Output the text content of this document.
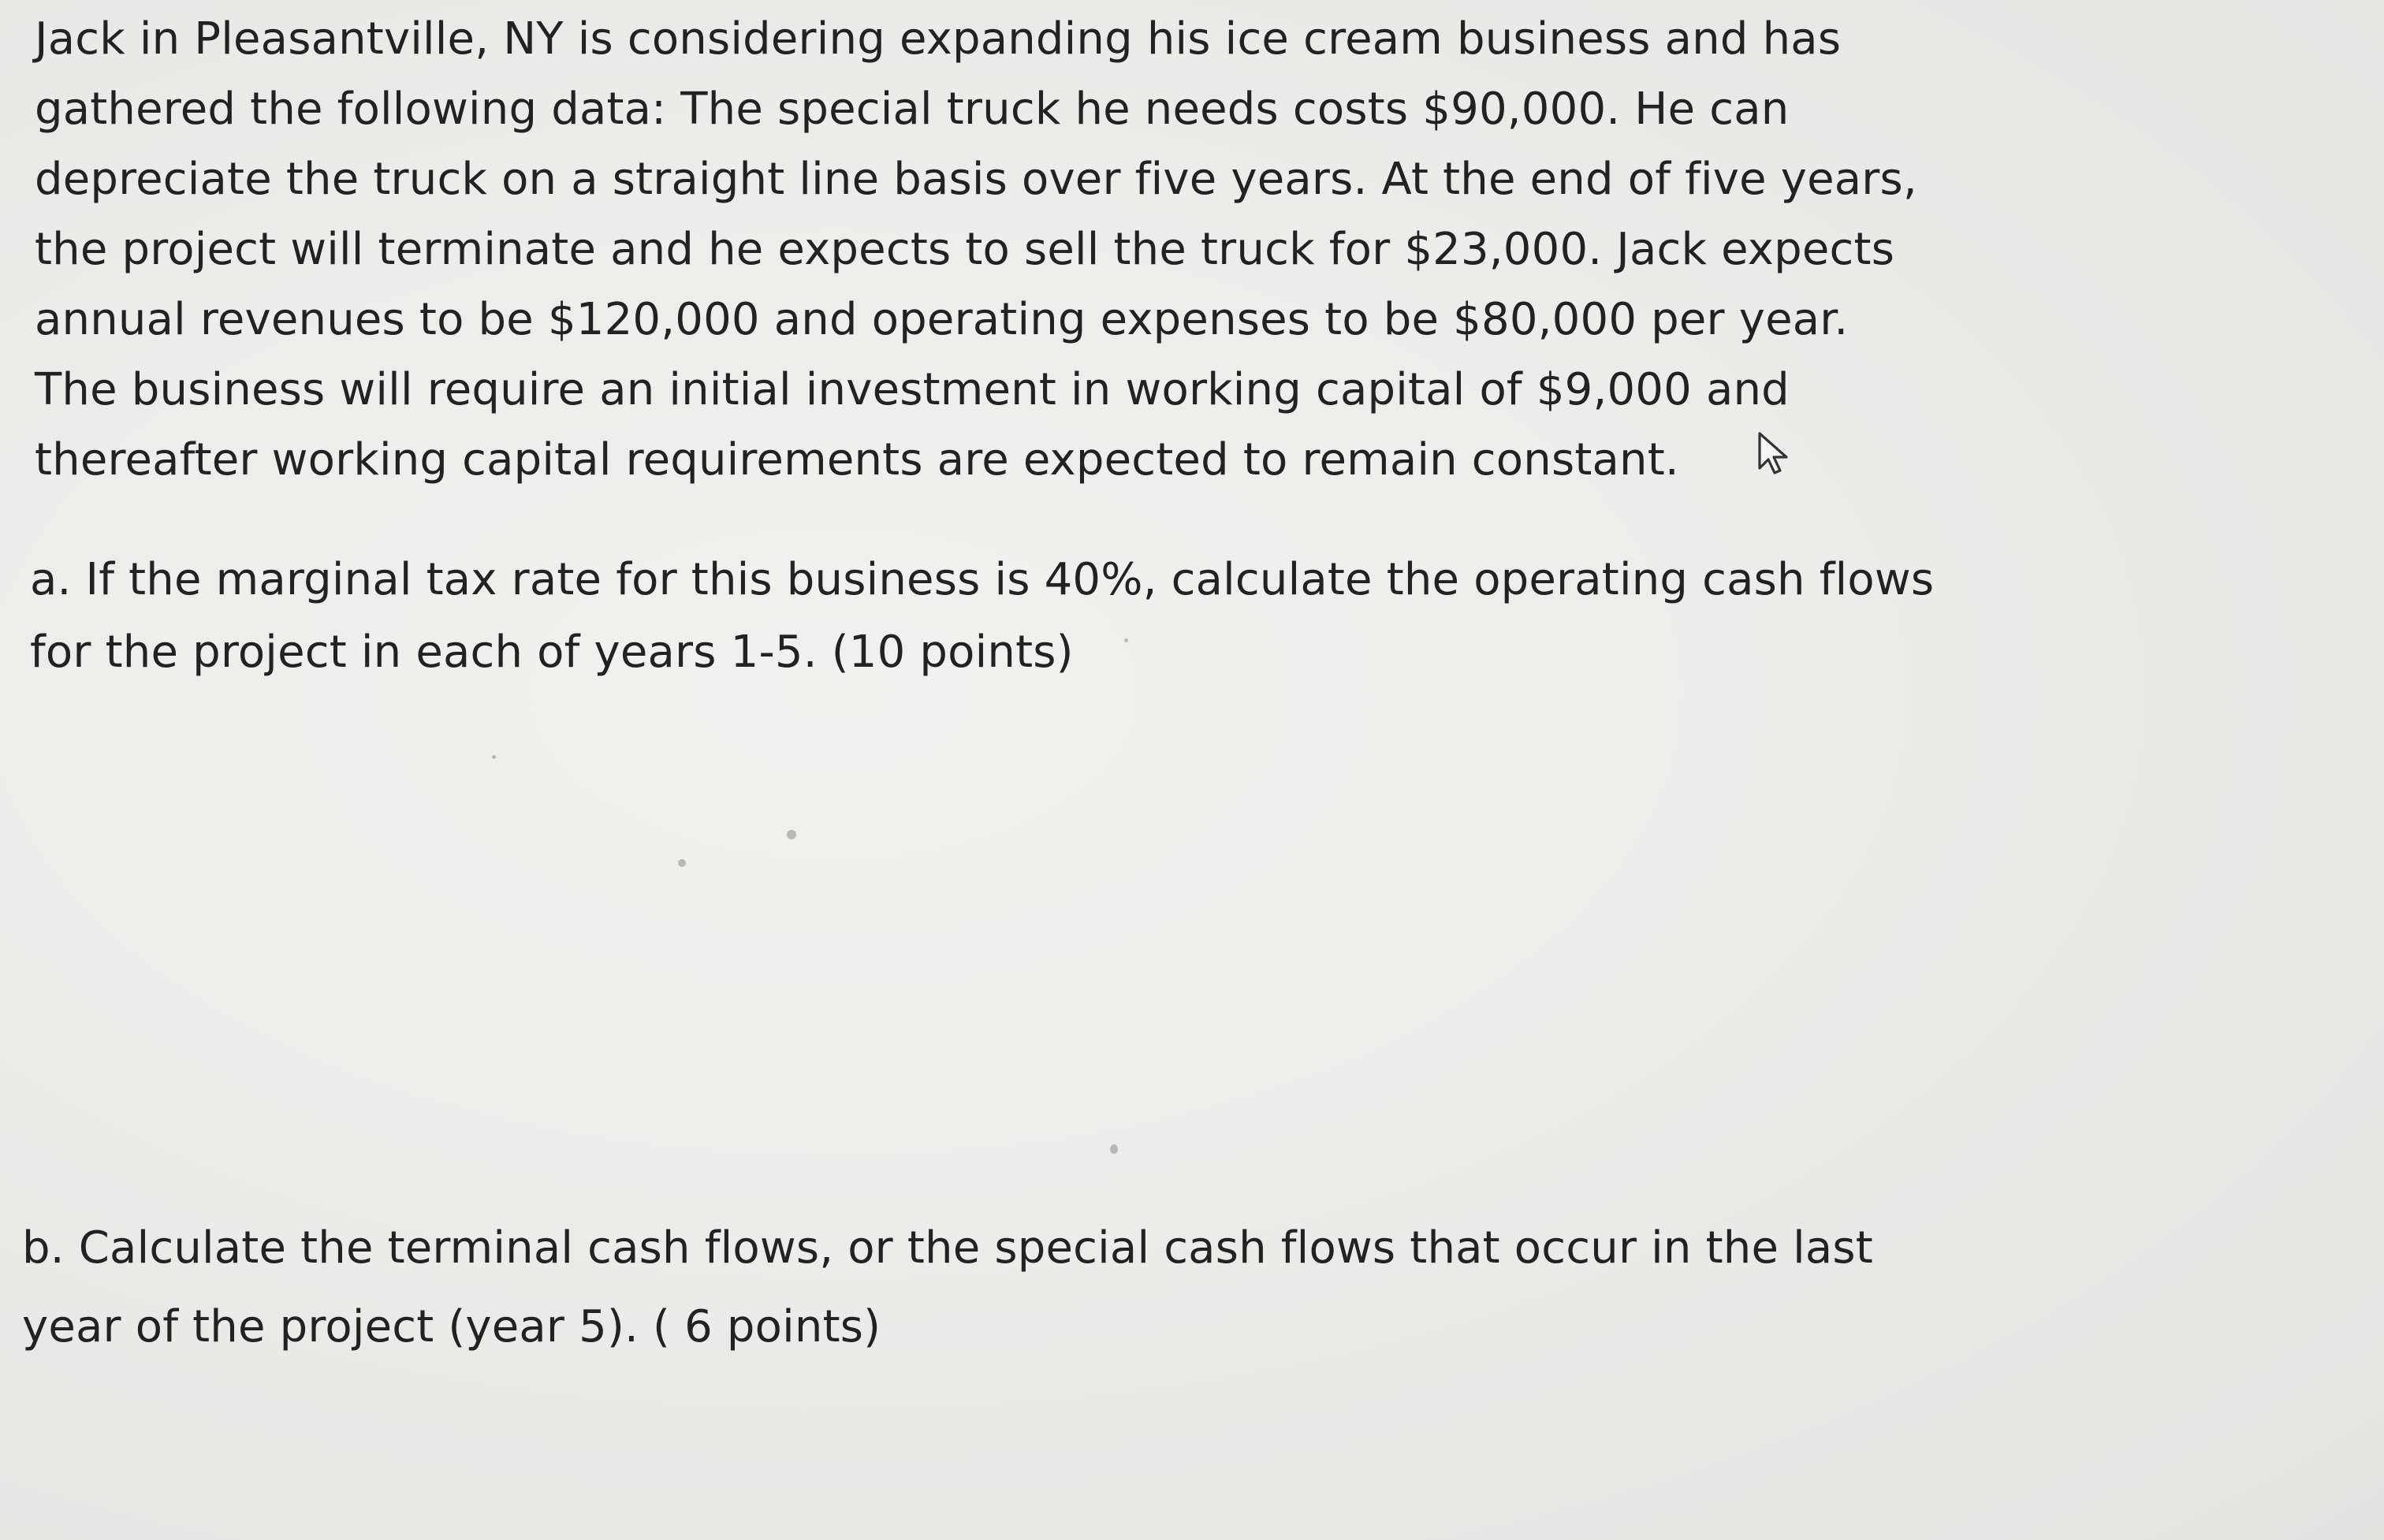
Jack in Pleasantville, NY is considering expanding his ice cream business and has
gathered the following data: The special truck he needs costs $90,000. He can
depreciate the truck on a straight line basis over five years. At the end of five years,
the project will terminate and he expects to sell the truck for $23,000. Jack expects
annual revenues to be $120,000 and operating expenses to be $80,000 per year.
The business will require an initial investment in working capital of $9,000 and
thereafter working capital requirements are expected to remain constant.

a. If the marginal tax rate for this business is 40%, calculate the operating cash flows
for the project in each of years 1-5. (10 points)

b. Calculate the terminal cash flows, or the special cash flows that occur in the last
year of the project (year 5). ( 6 points)
